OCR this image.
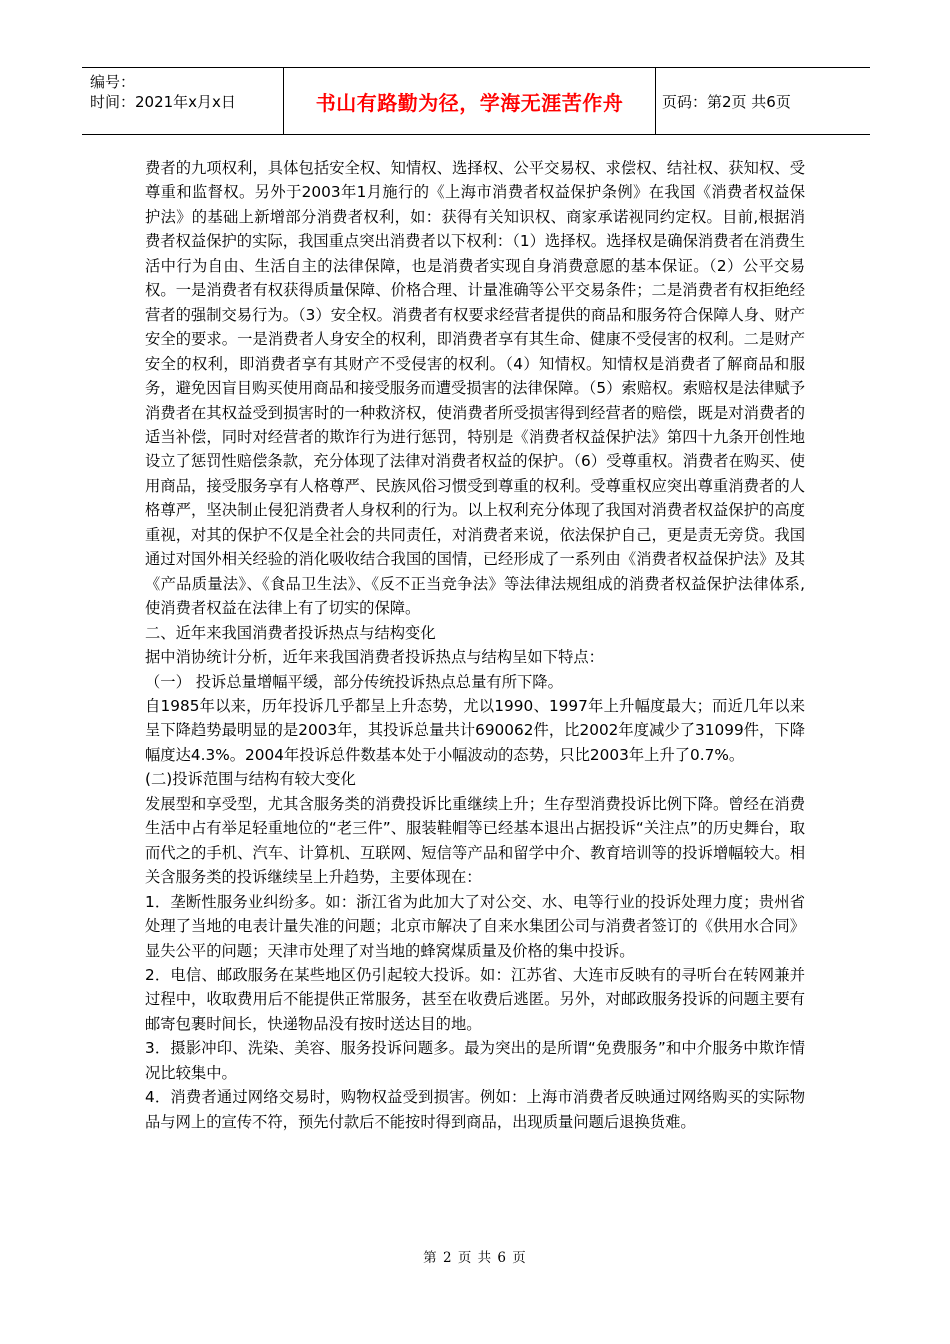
编号：
时间：2021年x月x日	书山有路勤为径，学海无涯苦作舟	页码：第2页 共6页

费者的九项权利，具体包括安全权、知情权、选择权、公平交易权、求偿权、结社权、获知权、受尊重和监督权。另外于2003年1月施行的《上海市消费者权益保护条例》在我国《消费者权益保护法》的基础上新增部分消费者权利，如：获得有关知识权、商家承诺视同约定权。目前,根据消费者权益保护的实际，我国重点突出消费者以下权利：（1）选择权。选择权是确保消费者在消费生活中行为自由、生活自主的法律保障，也是消费者实现自身消费意愿的基本保证。（2）公平交易权。一是消费者有权获得质量保障、价格合理、计量准确等公平交易条件；二是消费者有权拒绝经营者的强制交易行为。（3）安全权。消费者有权要求经营者提供的商品和服务符合保障人身、财产安全的要求。一是消费者人身安全的权利，即消费者享有其生命、健康不受侵害的权利。二是财产安全的权利，即消费者享有其财产不受侵害的权利。（4）知情权。知情权是消费者了解商品和服务，避免因盲目购买使用商品和接受服务而遭受损害的法律保障。（5）索赔权。索赔权是法律赋予消费者在其权益受到损害时的一种救济权，使消费者所受损害得到经营者的赔偿，既是对消费者的适当补偿，同时对经营者的欺诈行为进行惩罚，特别是《消费者权益保护法》第四十九条开创性地设立了惩罚性赔偿条款，充分体现了法律对消费者权益的保护。（6）受尊重权。消费者在购买、使用商品，接受服务享有人格尊严、民族风俗习惯受到尊重的权利。受尊重权应突出尊重消费者的人格尊严，坚决制止侵犯消费者人身权利的行为。以上权利充分体现了我国对消费者权益保护的高度重视，对其的保护不仅是全社会的共同责任，对消费者来说，依法保护自己，更是责无旁贷。我国通过对国外相关经验的消化吸收结合我国的国情，已经形成了一系列由《消费者权益保护法》及其《产品质量法》、《食品卫生法》、《反不正当竞争法》等法律法规组成的消费者权益保护法律体系,使消费者权益在法律上有了切实的保障。

二、近年来我国消费者投诉热点与结构变化

据中消协统计分析，近年来我国消费者投诉热点与结构呈如下特点：

（一） 投诉总量增幅平缓，部分传统投诉热点总量有所下降。

自1985年以来，历年投诉几乎都呈上升态势，尤以1990、1997年上升幅度最大；而近几年以来呈下降趋势最明显的是2003年，其投诉总量共计690062件，比2002年度减少了31099件，下降幅度达4.3%。2004年投诉总件数基本处于小幅波动的态势，只比2003年上升了0.7%。

(二)投诉范围与结构有较大变化

发展型和享受型，尤其含服务类的消费投诉比重继续上升；生存型消费投诉比例下降。曾经在消费生活中占有举足轻重地位的“老三件”、服装鞋帽等已经基本退出占据投诉“关注点”的历史舞台，取而代之的手机、汽车、计算机、互联网、短信等产品和留学中介、教育培训等的投诉增幅较大。相关含服务类的投诉继续呈上升趋势，主要体现在：

1．垄断性服务业纠纷多。如：浙江省为此加大了对公交、水、电等行业的投诉处理力度；贵州省处理了当地的电表计量失准的问题；北京市解决了自来水集团公司与消费者签订的《供用水合同》显失公平的问题；天津市处理了对当地的蜂窝煤质量及价格的集中投诉。

2．电信、邮政服务在某些地区仍引起较大投诉。如：江苏省、大连市反映有的寻听台在转网兼并过程中，收取费用后不能提供正常服务，甚至在收费后逃匿。另外，对邮政服务投诉的问题主要有邮寄包裹时间长，快递物品没有按时送达目的地。

3．摄影冲印、洗染、美容、服务投诉问题多。最为突出的是所谓“免费服务”和中介服务中欺诈情况比较集中。

4．消费者通过网络交易时，购物权益受到损害。例如：上海市消费者反映通过网络购买的实际物品与网上的宣传不符，预先付款后不能按时得到商品，出现质量问题后退换货难。

第 2 页 共 6 页
